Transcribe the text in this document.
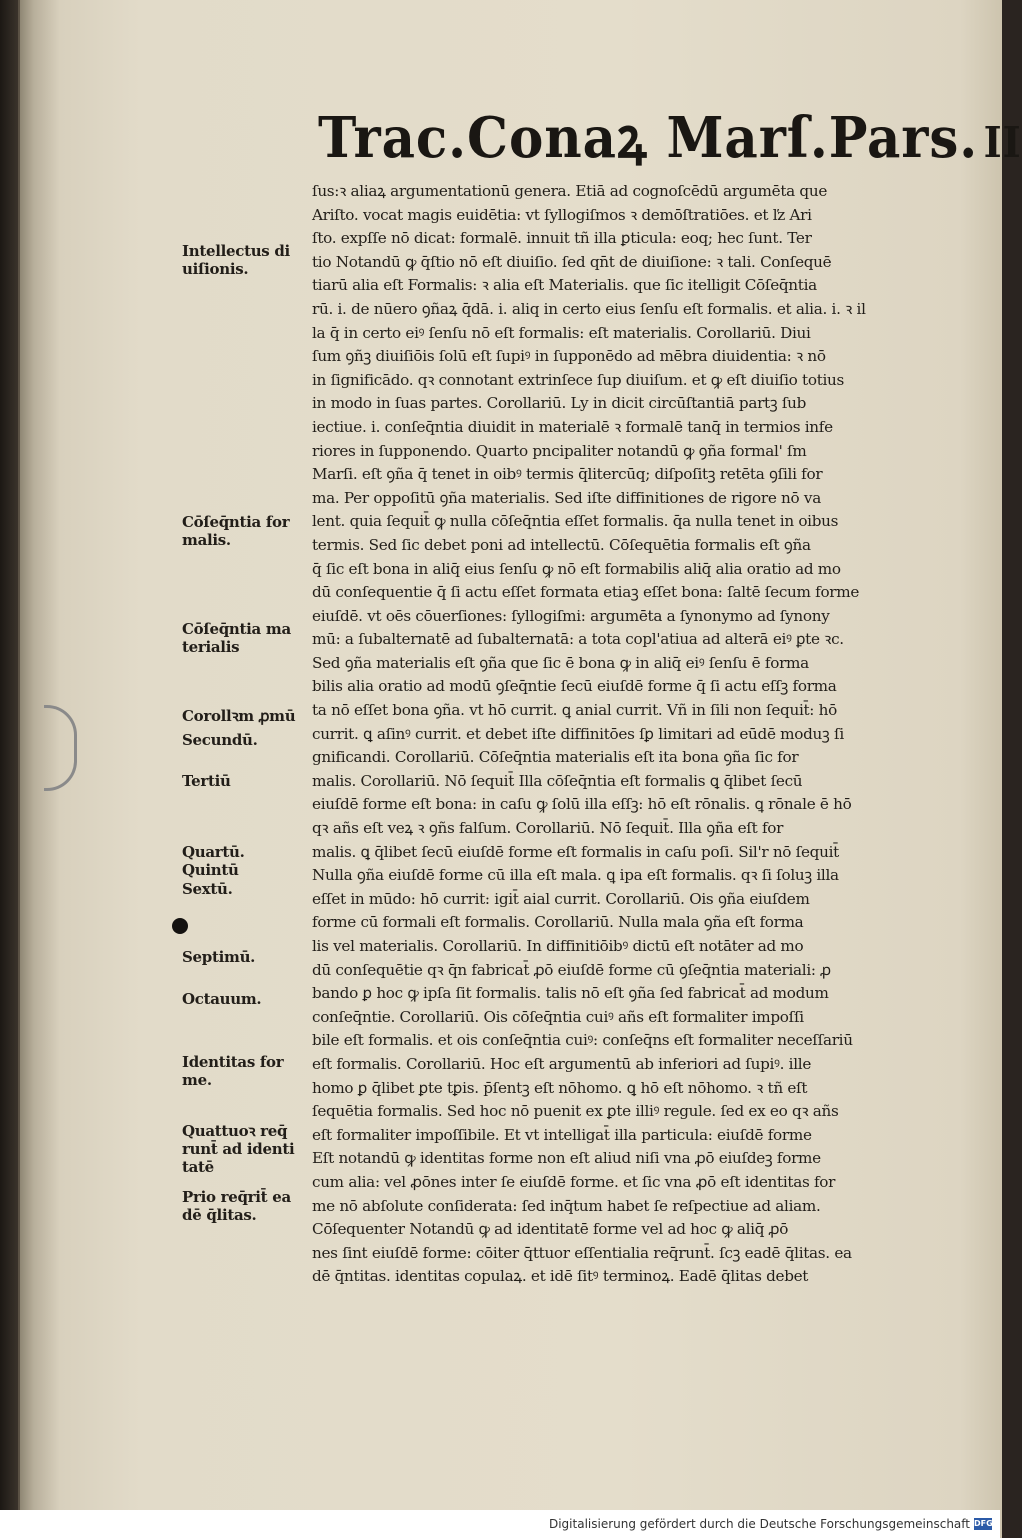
Trac.Conaꝝ Marſ.Pars. II
ſus:ꝛ aliaꝝ argumentationū genera. Etiā ad cognoſcēdū argumēta que
Ariſto. vocat magis euidētia: vt ſyllogiſmos ꝛ demōſtratiōes. et ľz Ari
ſto. expſſe nō dicat: formalē. innuit tñ illa ꝑticula: eoq; hec ſunt. Ter
tio Notandū ꝙ q̄ſtio nō eſt diuiſio. ſed qn̄t de diuiſione: ꝛ tali. Conſequē
tiarū alia eſt Formalis: ꝛ alia eſt Materialis. que ſic itelligit Cōſeq̄ntia
rū. i. de nūero ꝯñaꝝ q̄dā. i. aliq in certo eius ſenſu eſt formalis. et alia. i. ꝛ il
la q̄ in certo eiꝰ ſenſu nō eſt formalis: eſt materialis. Corollariū. Diui
ſum ꝯñꝫ diuiſiōis ſolū eſt ſupiꝰ in ſupponēdo ad mēbra diuidentia: ꝛ nō
in ſignificādo. qꝛ connotant extrinſece ſup diuiſum. et ꝙ eſt diuiſio totius
in modo in ſuas partes. Corollariū. Ly in dicit circūſtantiā partꝫ ſub
iectiue. i. conſeq̄ntia diuidit in materialē ꝛ formalē tanq̄ in termios infe
riores in ſupponendo. Quarto pncipaliter notandū ꝙ ꝯña formal' ſm
Marſi. eſt ꝯña q̄ tenet in oibꝰ termis q̄litercūq; diſpoſitꝫ retēta ꝯſili for
ma. Per oppoſitū ꝯña materialis. Sed iſte diffinitiones de rigore nō va
lent. quia ſequit̄ ꝙ nulla cōſeq̄ntia eſſet formalis. q̄a nulla tenet in oibus
termis. Sed ſic debet poni ad intellectū. Cōſequētia formalis eſt ꝯña
q̄ ſic eſt bona in aliq̄ eius ſenſu ꝙ nō eſt formabilis aliq̄ alia oratio ad mo
dū conſequentie q̄ ſi actu eſſet formata etiaꝫ eſſet bona: ſaltē ſecum forme
eiuſdē. vt oēs cōuerſiones: ſyllogiſmi: argumēta a ſynonymo ad ſynony
mū: a ſubalternatē ad ſubalternatā: a tota copl'atiua ad alterā eiꝰ ꝑte ꝛc.
Sed ꝯña materialis eſt ꝯña que ſic ē bona ꝙ in aliq̄ eiꝰ ſenſu ē forma
bilis alia oratio ad modū ꝯſeq̄ntie ſecū eiuſdē forme q̄ ſi actu eſſꝫ forma
ta nō eſſet bona ꝯña. vt hō currit. ꝗ anial currit. Vñ in ſili non ſequit̄: hō
currit. ꝗ aſinꝰ currit. et debet iſte diffinitōes ſꝑ limitari ad eūdē moduꝫ ſi
gnificandi. Corollariū. Cōſeq̄ntia materialis eſt ita bona ꝯña ſic for
malis. Corollariū. Nō ſequit̄ Illa cōſeq̄ntia eſt formalis ꝗ q̄libet ſecū
eiuſdē forme eſt bona: in caſu ꝙ ſolū illa eſſꝫ: hō eſt rōnalis. ꝗ rōnale ē hō
qꝛ añs eſt veꝝ ꝛ ꝯñs falſum. Corollariū. Nō ſequit̄. Illa ꝯña eſt for
malis. ꝗ q̄libet ſecū eiuſdē forme eſt formalis in caſu poſi. Sil'r nō ſequit̄
Nulla ꝯña eiuſdē forme cū illa eſt mala. ꝗ ipa eſt formalis. qꝛ ſi ſoluꝫ illa
eſſet in mūdo: hō currit: igit̄ aial currit. Corollariū. Ois ꝯña eiuſdem
forme cū formali eſt formalis. Corollariū. Nulla mala ꝯña eſt forma
lis vel materialis. Corollariū. In diffinitiōibꝰ dictū eſt notāter ad mo
dū conſequētie qꝛ q̄n fabricat̄ ꝓō eiuſdē forme cū ꝯſeq̄ntia materiali: ꝓ
bando ꝑ hoc ꝙ ipſa ſit formalis. talis nō eſt ꝯña ſed fabricat̄ ad modum
conſeq̄ntie. Corollariū. Ois cōſeq̄ntia cuiꝰ añs eſt formaliter impoſſi
bile eſt formalis. et ois conſeq̄ntia cuiꝰ: conſeq̄ns eſt formaliter neceſſariū
eſt formalis. Corollariū. Hoc eſt argumentū ab inferiori ad ſupiꝰ. ille
homo ꝑ q̄libet ꝑte tꝑis. p̄ſentꝫ eſt nōhomo. ꝗ hō eſt nōhomo. ꝛ tñ eſt
ſequētia formalis. Sed hoc nō puenit ex ꝑte illiꝰ regule. ſed ex eo qꝛ añs
eſt formaliter impoſſibile. Et vt intelligat̄ illa particula: eiuſdē forme
Eſt notandū ꝙ identitas forme non eſt aliud niſi vna ꝓō eiuſdeꝫ forme
cum alia: vel ꝓōnes inter ſe eiuſdē forme. et ſic vna ꝓō eſt identitas for
me nō abſolute conſiderata: ſed inq̄tum habet ſe reſpectiue ad aliam.
Cōſequenter Notandū ꝙ ad identitatē forme vel ad hoc ꝙ aliq̄ ꝓō
nes ſint eiuſdē forme: cōiter q̄ttuor eſſentialia req̄runt̄. ſcꝫ eadē q̄litas. ea
dē q̄ntitas. identitas copulaꝝ. et idē ſitꝰ terminoꝝ. Eadē q̄litas debet
Intellectus di uiſionis.
Cōſeq̄ntia for malis.
Cōſeq̄ntia ma terialis
Corollꝛm ꝓmū
Secundū.
Tertiū
Quartū.
Quintū
Sextū.
Septimū.
Octauum.
Identitas for me.
Quattuoꝛ req̄ runt̄ ad identi tatē
Prio req̄rit̄ ea dē q̄litas.
Digitalisierung gefördert durch die Deutsche Forschungsgemeinschaft DFG
